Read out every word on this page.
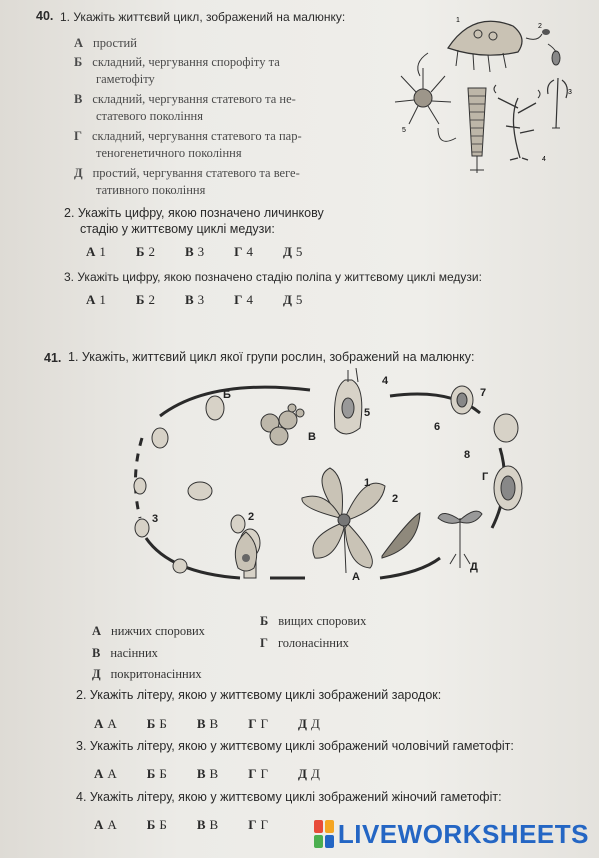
40. 1. Укажіть життєвий цикл, зображений на малюнку:
А простий
Б складний, чергування спорофіту та
гаметофіту
В складний, чергування статевого та не-
статевого покоління
Г складний, чергування статевого та пар-
теногенетичного покоління
Д простий, чергування статевого та веге-
тативного покоління
2. Укажіть цифру, якою позначено личинкову
стадію у життєвому циклі медузи:
А 1 Б 2 В 3 Г 4 Д 5
3. Укажіть цифру, якою позначено стадію поліпа у життєвому циклі медузи:
А 1 Б 2 В 3 Г 4 Д 5
1
2
3
4
5
41. 1. Укажіть, життєвий цикл якої групи рослин, зображений на малюнку:
Б
В
А
Г
Д
1
2
3
4
5
6
7
8
2
А нижчих спорових
Б вищих спорових
В насінних
Г голонасінних
Д покритонасінних
2. Укажіть літеру, якою у життєвому циклі зображений зародок:
А А Б Б В В Г Г Д Д
3. Укажіть літеру, якою у життєвому циклі зображений чоловічий гаметофіт:
А А Б Б В В Г Г Д Д
4. Укажіть літеру, якою у життєвому циклі зображений жіночий гаметофіт:
А А Б Б В В Г Г	LIVEWORKSHEETS
